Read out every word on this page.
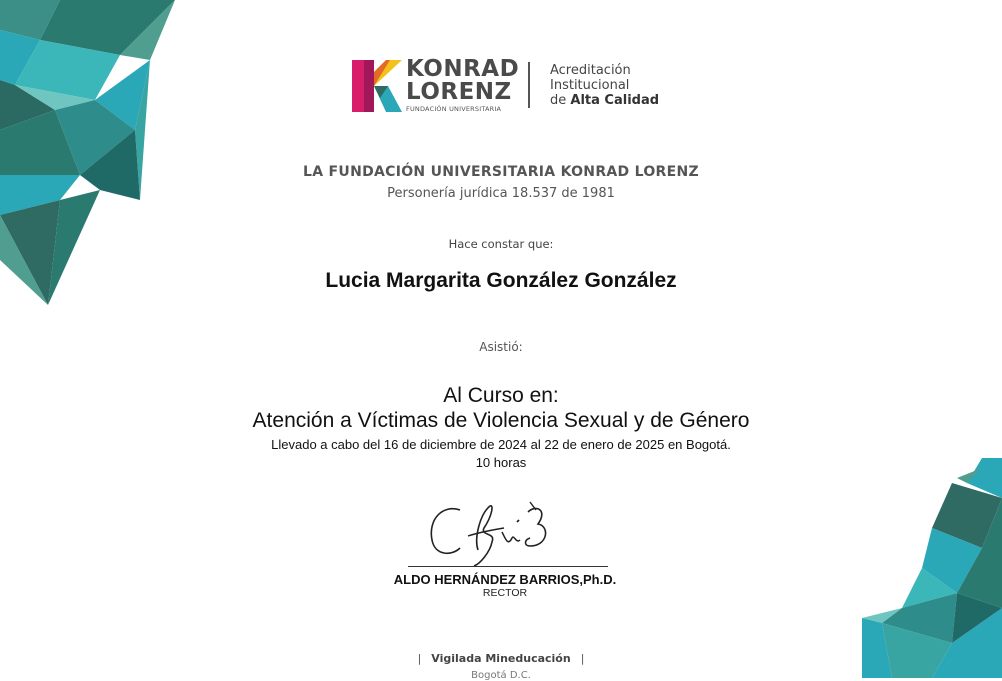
KONRAD
LORENZ
FUNDACIÓN UNIVERSITARIA
Acreditación
Institucional
de Alta Calidad
LA FUNDACIÓN UNIVERSITARIA KONRAD LORENZ
Personería jurídica 18.537 de 1981
Hace constar que:
Lucia Margarita González González
Asistió:
Al Curso en:
Atención a Víctimas de Violencia Sexual y de Género
Llevado a cabo del 16 de diciembre de 2024 al 22 de enero de 2025 en Bogotá.
10 horas
ALDO HERNÁNDEZ BARRIOS,Ph.D.
RECTOR
| Vigilada Mineducación |
Bogotá D.C.
